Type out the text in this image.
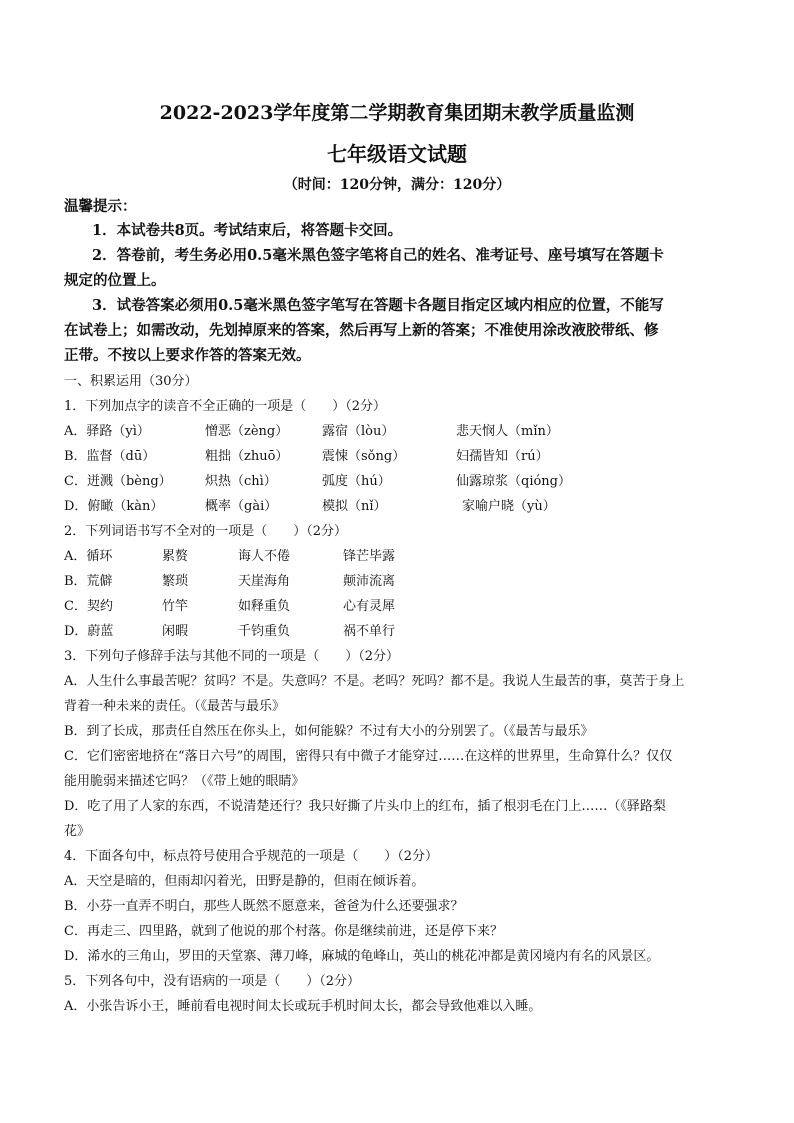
2022-2023学年度第二学期教育集团期末教学质量监测
七年级语文试题
（时间：120分钟，满分：120分）
温馨提示：
1．本试卷共8页。考试结束后，将答题卡交回。
2．答卷前，考生务必用0.5毫米黑色签字笔将自己的姓名、准考证号、座号填写在答题卡
规定的位置上。
3．试卷答案必须用0.5毫米黑色签字笔写在答题卡各题目指定区域内相应的位置，不能写
在试卷上；如需改动，先划掉原来的答案，然后再写上新的答案；不准使用涂改液胶带纸、修
正带。不按以上要求作答的答案无效。
一、积累运用（30分）
1．下列加点字的读音不全正确的一项是（　　）（2分）
A．驿路（yì）	憎恶（zèng）	露宿（lòu）	悲天悯人（mǐn）
B．监督（dū）	粗拙（zhuō）	震悚（sǒng）	妇孺皆知（rú）
C．迸溅（bèng）	炽热（chì）	弧度（hú）	仙露琼浆（qióng）
D．俯瞰（kàn）	概率（gài）	模拟（nǐ）	家喻户晓（yù）
2．下列词语书写不全对的一项是（　　）（2分）
A．循环	累赘	诲人不倦	锋芒毕露
B．荒僻	繁琐	天崖海角	颠沛流离
C．契约	竹竿	如释重负	心有灵犀
D．蔚蓝	闲暇	千钧重负	祸不单行
3．下列句子修辞手法与其他不同的一项是（　　）（2分）
A．人生什么事最苦呢？贫吗？不是。失意吗？不是。老吗？死吗？都不是。我说人生最苦的事，莫苦于身上
背着一种未来的责任。（《最苦与最乐》
B．到了长成，那责任自然压在你头上，如何能躲？不过有大小的分别罢了。（《最苦与最乐》
C．它们密密地挤在“落日六号”的周围，密得只有中微子才能穿过……在这样的世界里，生命算什么？仅仅
能用脆弱来描述它吗？（《带上她的眼睛》
D．吃了用了人家的东西，不说清楚还行？我只好撕了片头巾上的红布，插了根羽毛在门上……（《驿路梨
花》
4．下面各句中，标点符号使用合乎规范的一项是（　　）（2分）
A．天空是暗的，但雨却闪着光，田野是静的，但雨在倾诉着。
B．小芬一直弄不明白，那些人既然不愿意来，爸爸为什么还要强求？
C．再走三、四里路，就到了他说的那个村落。你是继续前进，还是停下来？
D．浠水的三角山，罗田的天堂寨、薄刀峰，麻城的龟峰山，英山的桃花冲都是黄冈境内有名的风景区。
5．下列各句中，没有语病的一项是（　　）（2分）
A．小张告诉小王，睡前看电视时间太长或玩手机时间太长，都会导致他难以入睡。
